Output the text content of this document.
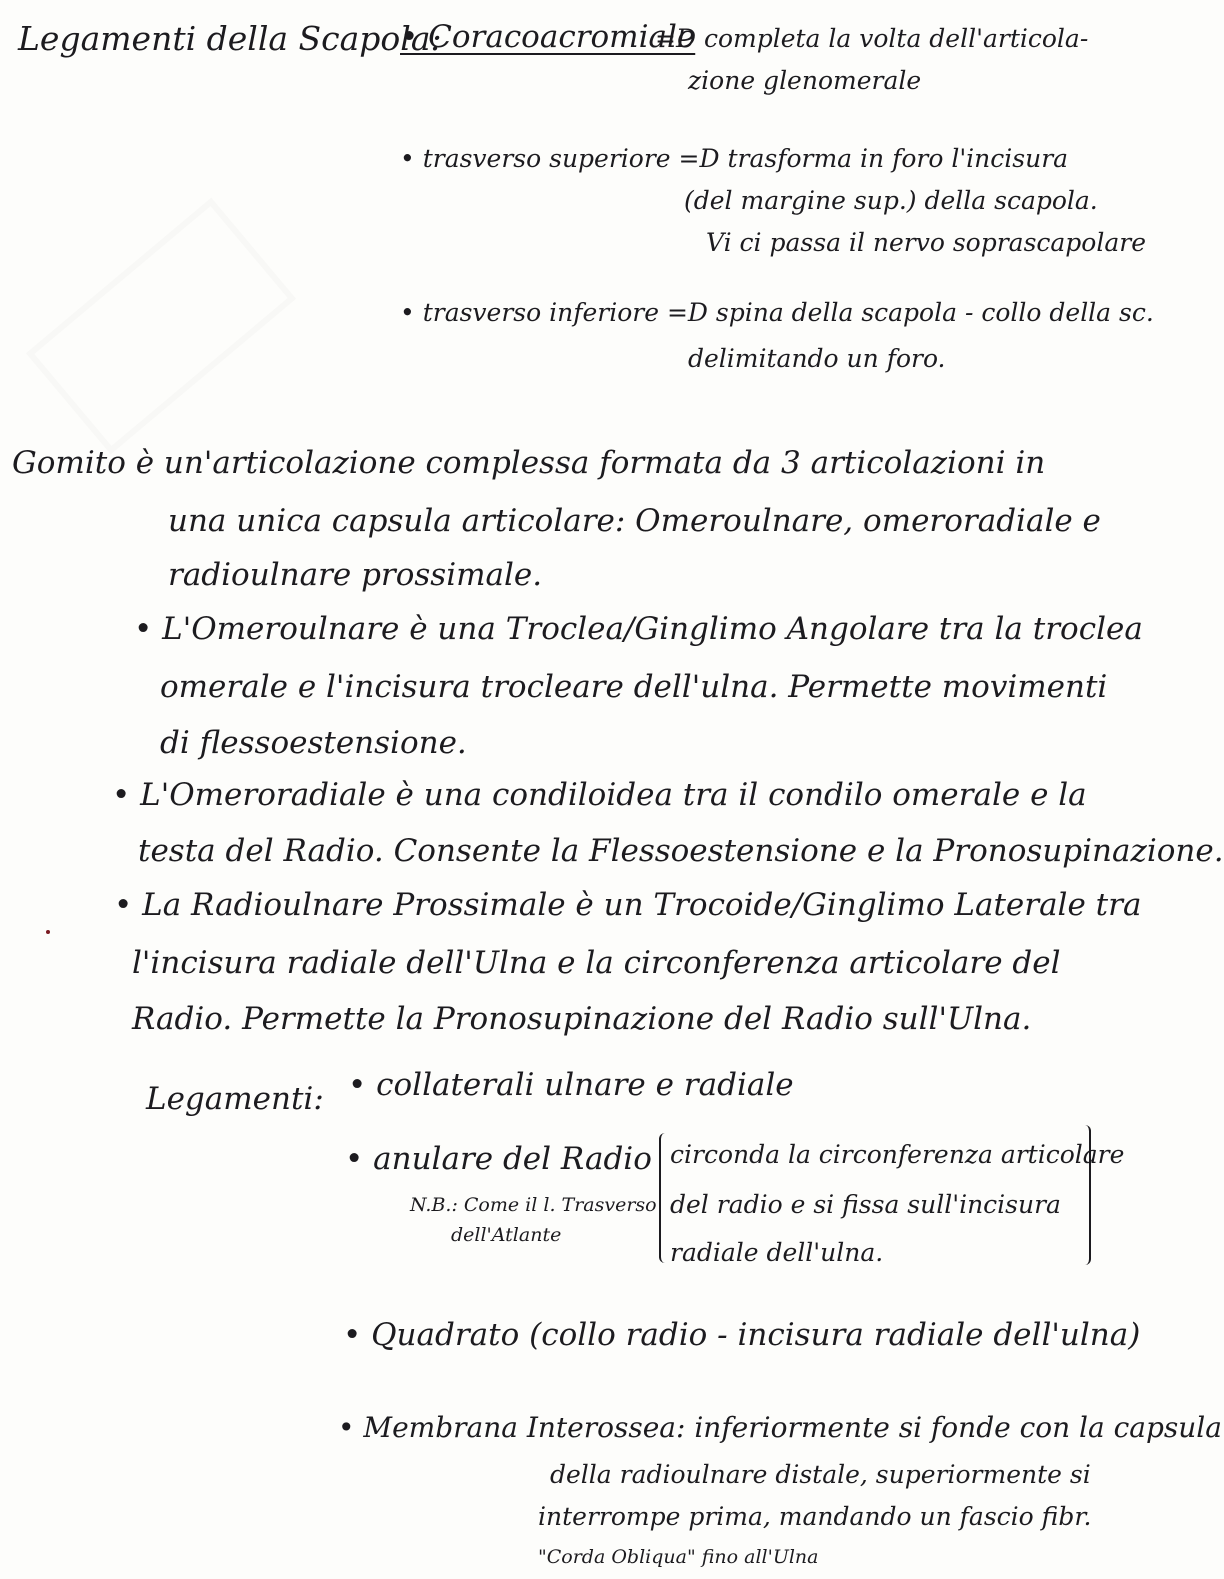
Legamenti della Scapola:
• Coracoacromiale
=D completa la volta dell'articola-
zione glenomerale
• trasverso superiore =D trasforma in foro l'incisura
(del margine sup.) della scapola.
Vi ci passa il nervo soprascapolare
• trasverso inferiore =D spina della scapola - collo della sc.
delimitando un foro.
Gomito è un'articolazione complessa formata da 3 articolazioni in
una unica capsula articolare: Omeroulnare, omeroradiale e
radioulnare prossimale.
• L'Omeroulnare è una Troclea/Ginglimo Angolare tra la troclea
omerale e l'incisura trocleare dell'ulna. Permette movimenti
di flessoestensione.
• L'Omeroradiale è una condiloidea tra il condilo omerale e la
testa del Radio. Consente la Flessoestensione e la Pronosupinazione.
• La Radioulnare Prossimale è un Trocoide/Ginglimo Laterale tra
l'incisura radiale dell'Ulna e la circonferenza articolare del
Radio. Permette la Pronosupinazione del Radio sull'Ulna.
Legamenti: • collaterali ulnare e radiale
• anulare del Radio
N.B.: Come il l. Trasverso
dell'Atlante
circonda la circonferenza articolare
del radio e si fissa sull'incisura
radiale dell'ulna.
• Quadrato (collo radio - incisura radiale dell'ulna)
• Membrana Interossea: inferiormente si fonde con la capsula
della radioulnare distale, superiormente si
interrompe prima, mandando un fascio fibr.
"Corda Obliqua" fino all'Ulna
